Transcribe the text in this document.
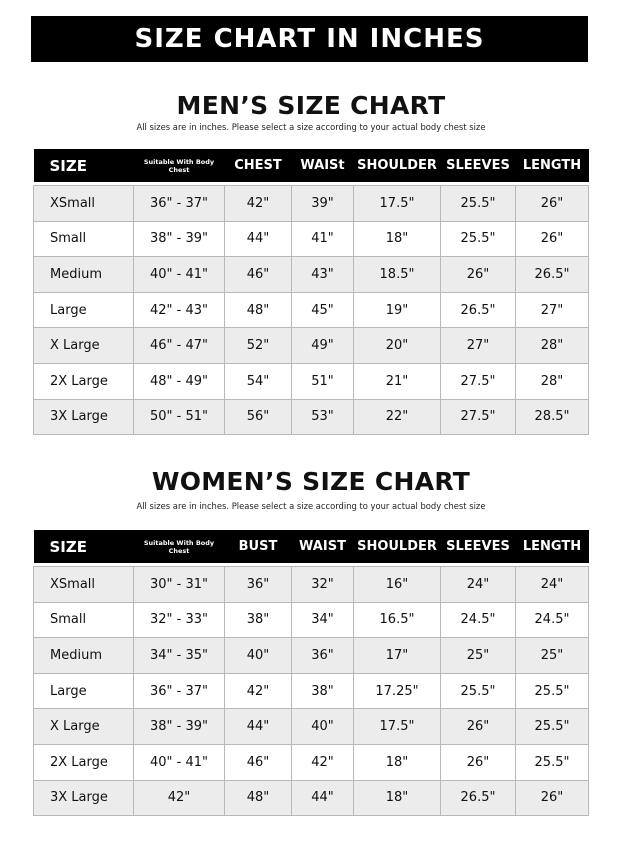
SIZE CHART IN INCHES
MEN’S SIZE CHART
All sizes are in inches. Please select a size according to your actual body chest size
SIZE	Suitable With Body Chest	CHEST	WAISt	SHOULDER	SLEEVES	LENGTH

XSmall	36" - 37"	42"	39"	17.5"	25.5"	26"
Small	38" - 39"	44"	41"	18"	25.5"	26"
Medium	40" - 41"	46"	43"	18.5"	26"	26.5"
Large	42" - 43"	48"	45"	19"	26.5"	27"
X Large	46" - 47"	52"	49"	20"	27"	28"
2X Large	48" - 49"	54"	51"	21"	27.5"	28"
3X Large	50" - 51"	56"	53"	22"	27.5"	28.5"
WOMEN’S SIZE CHART
All sizes are in inches. Please select a size according to your actual body chest size
SIZE	Suitable With Body Chest	BUST	WAIST	SHOULDER	SLEEVES	LENGTH

XSmall	30" - 31"	36"	32"	16"	24"	24"
Small	32" - 33"	38"	34"	16.5"	24.5"	24.5"
Medium	34" - 35"	40"	36"	17"	25"	25"
Large	36" - 37"	42"	38"	17.25"	25.5"	25.5"
X Large	38" - 39"	44"	40"	17.5"	26"	25.5"
2X Large	40" - 41"	46"	42"	18"	26"	25.5"
3X Large	42"	48"	44"	18"	26.5"	26"
